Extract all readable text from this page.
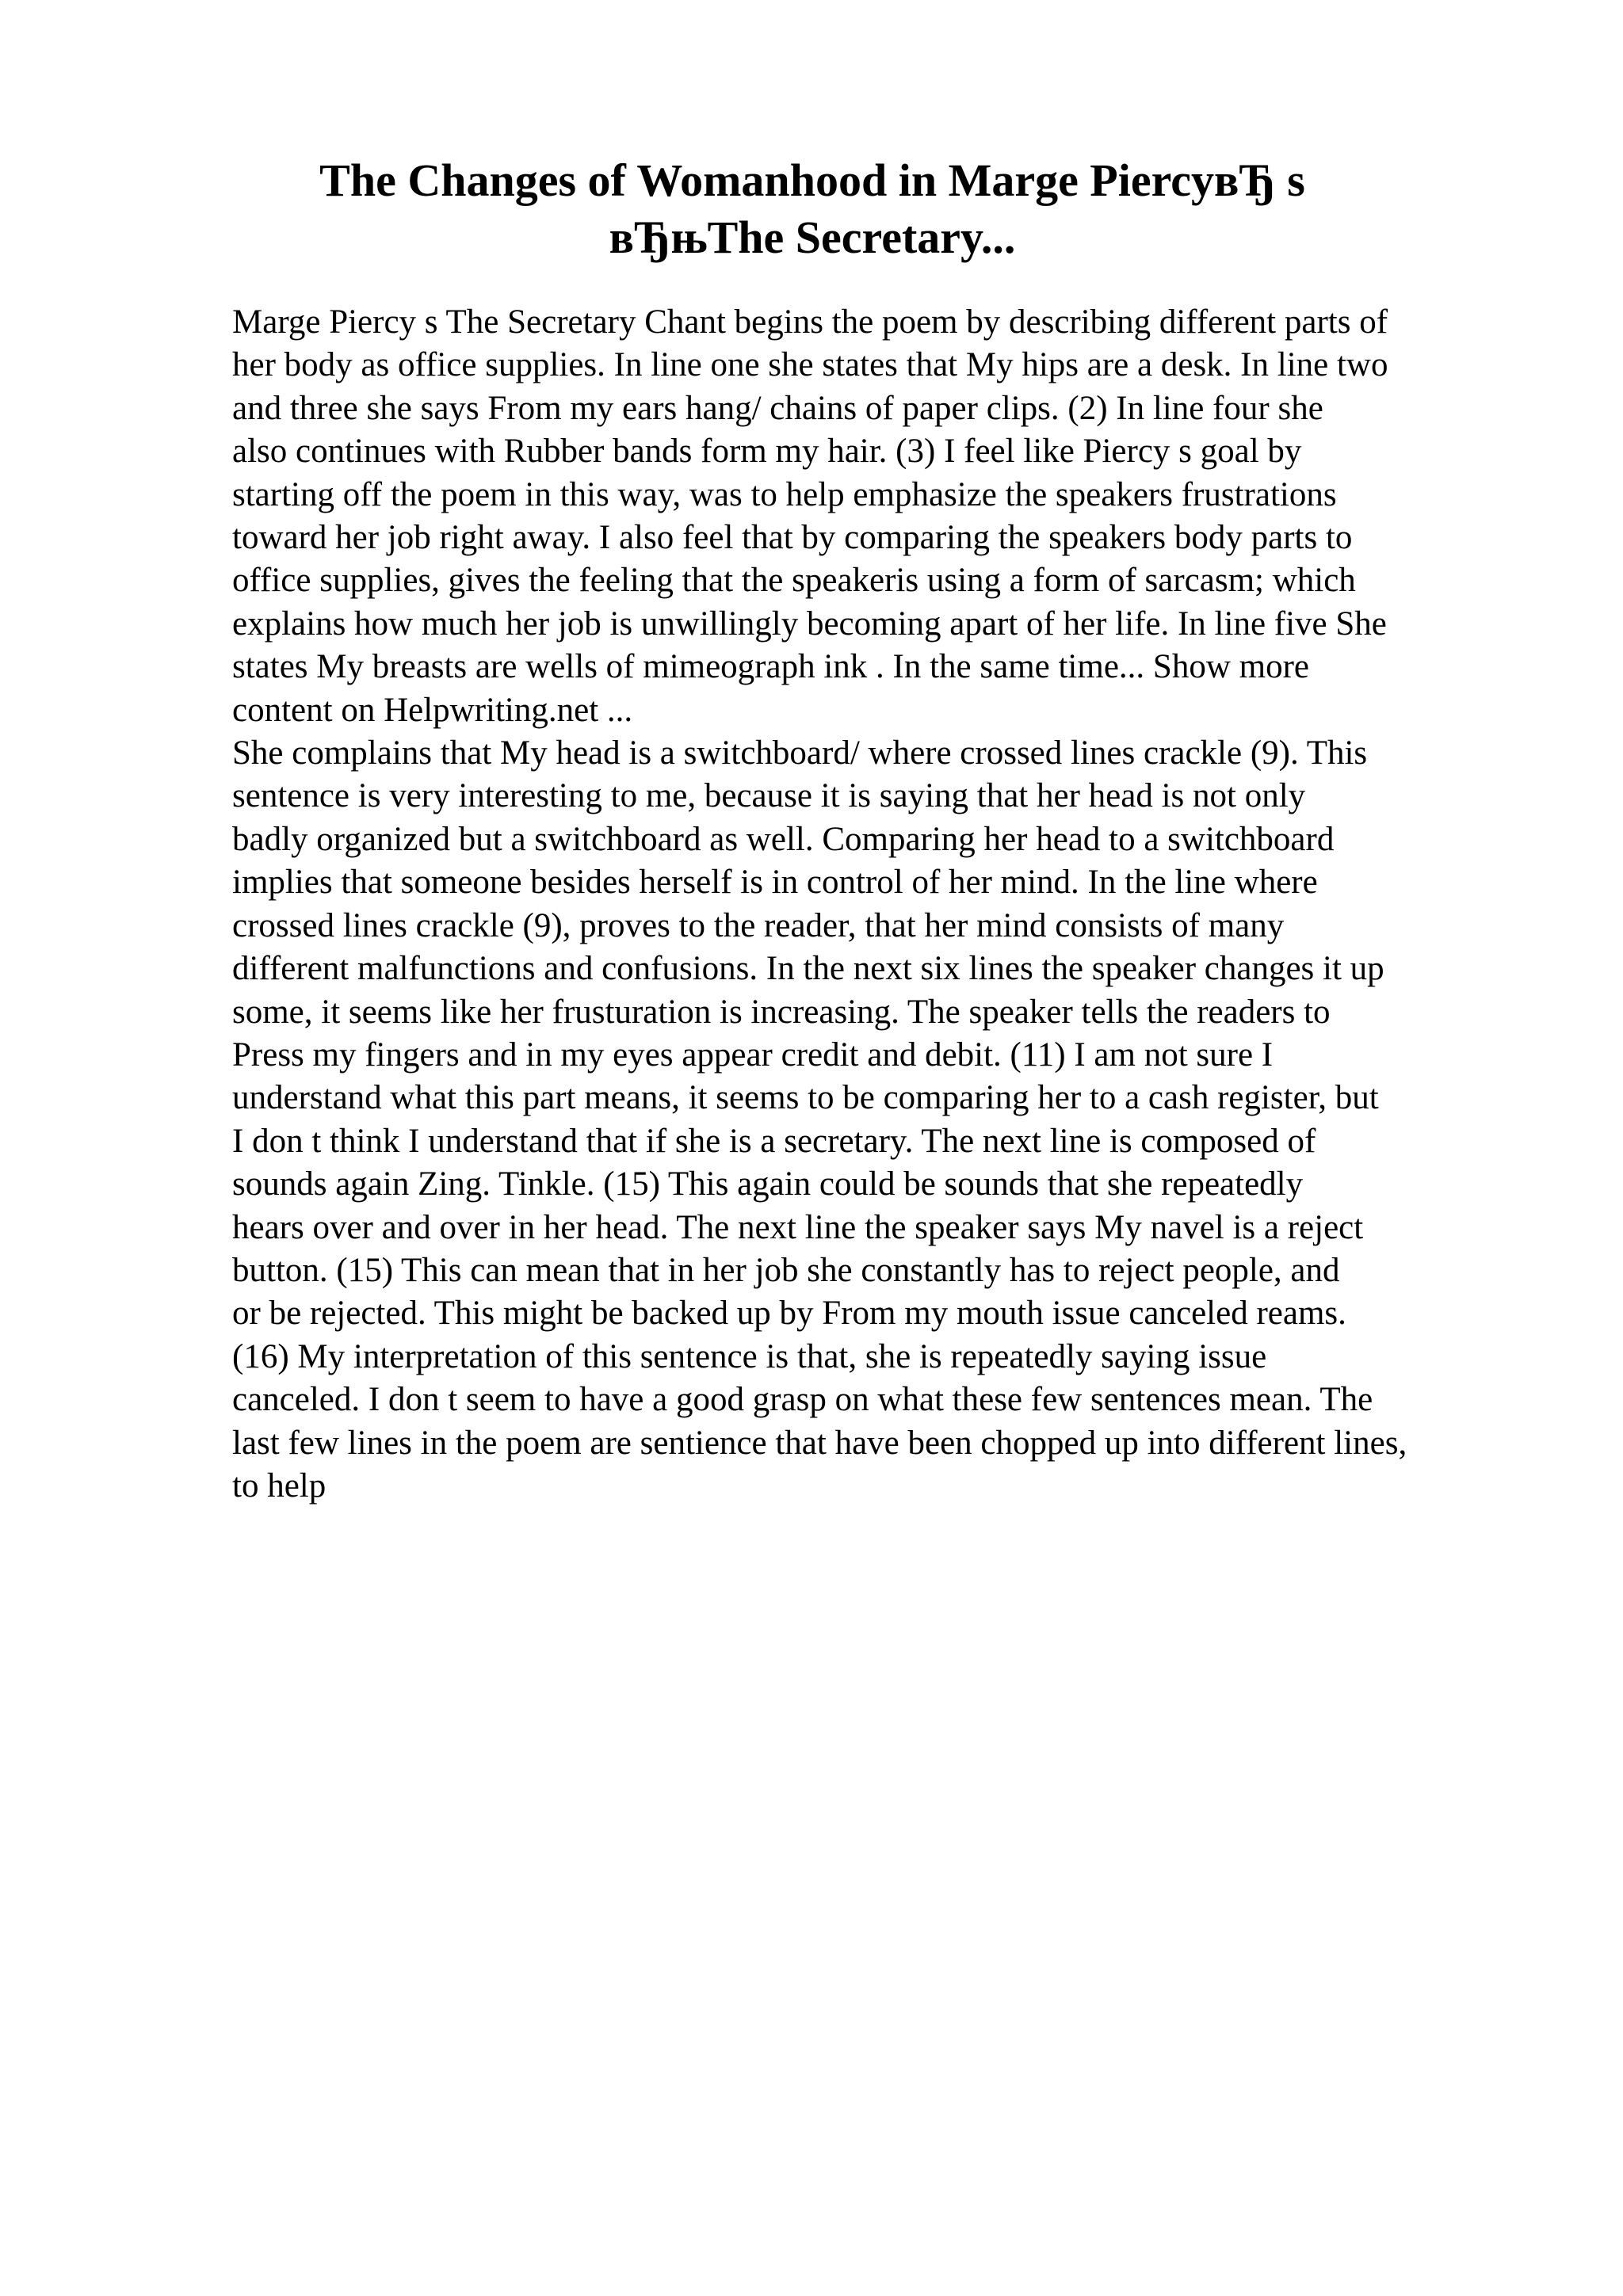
The Changes of Womanhood in Marge PiercyвЂ s
вЂњThe Secretary...
Marge Piercy s The Secretary Chant begins the poem by describing different parts of
her body as office supplies. In line one she states that My hips are a desk. In line two
and three she says From my ears hang/ chains of paper clips. (2) In line four she
also continues with Rubber bands form my hair. (3) I feel like Piercy s goal by
starting off the poem in this way, was to help emphasize the speakers frustrations
toward her job right away. I also feel that by comparing the speakers body parts to
office supplies, gives the feeling that the speakeris using a form of sarcasm; which
explains how much her job is unwillingly becoming apart of her life. In line five She
states My breasts are wells of mimeograph ink . In the same time... Show more
content on Helpwriting.net ...
She complains that My head is a switchboard/ where crossed lines crackle (9). This
sentence is very interesting to me, because it is saying that her head is not only
badly organized but a switchboard as well. Comparing her head to a switchboard
implies that someone besides herself is in control of her mind. In the line where
crossed lines crackle (9), proves to the reader, that her mind consists of many
different malfunctions and confusions. In the next six lines the speaker changes it up
some, it seems like her frusturation is increasing. The speaker tells the readers to
Press my fingers and in my eyes appear credit and debit. (11) I am not sure I
understand what this part means, it seems to be comparing her to a cash register, but
I don t think I understand that if she is a secretary. The next line is composed of
sounds again Zing. Tinkle. (15) This again could be sounds that she repeatedly
hears over and over in her head. The next line the speaker says My navel is a reject
button. (15) This can mean that in her job she constantly has to reject people, and
or be rejected. This might be backed up by From my mouth issue canceled reams.
(16) My interpretation of this sentence is that, she is repeatedly saying issue
canceled. I don t seem to have a good grasp on what these few sentences mean. The
last few lines in the poem are sentience that have been chopped up into different lines,
to help
